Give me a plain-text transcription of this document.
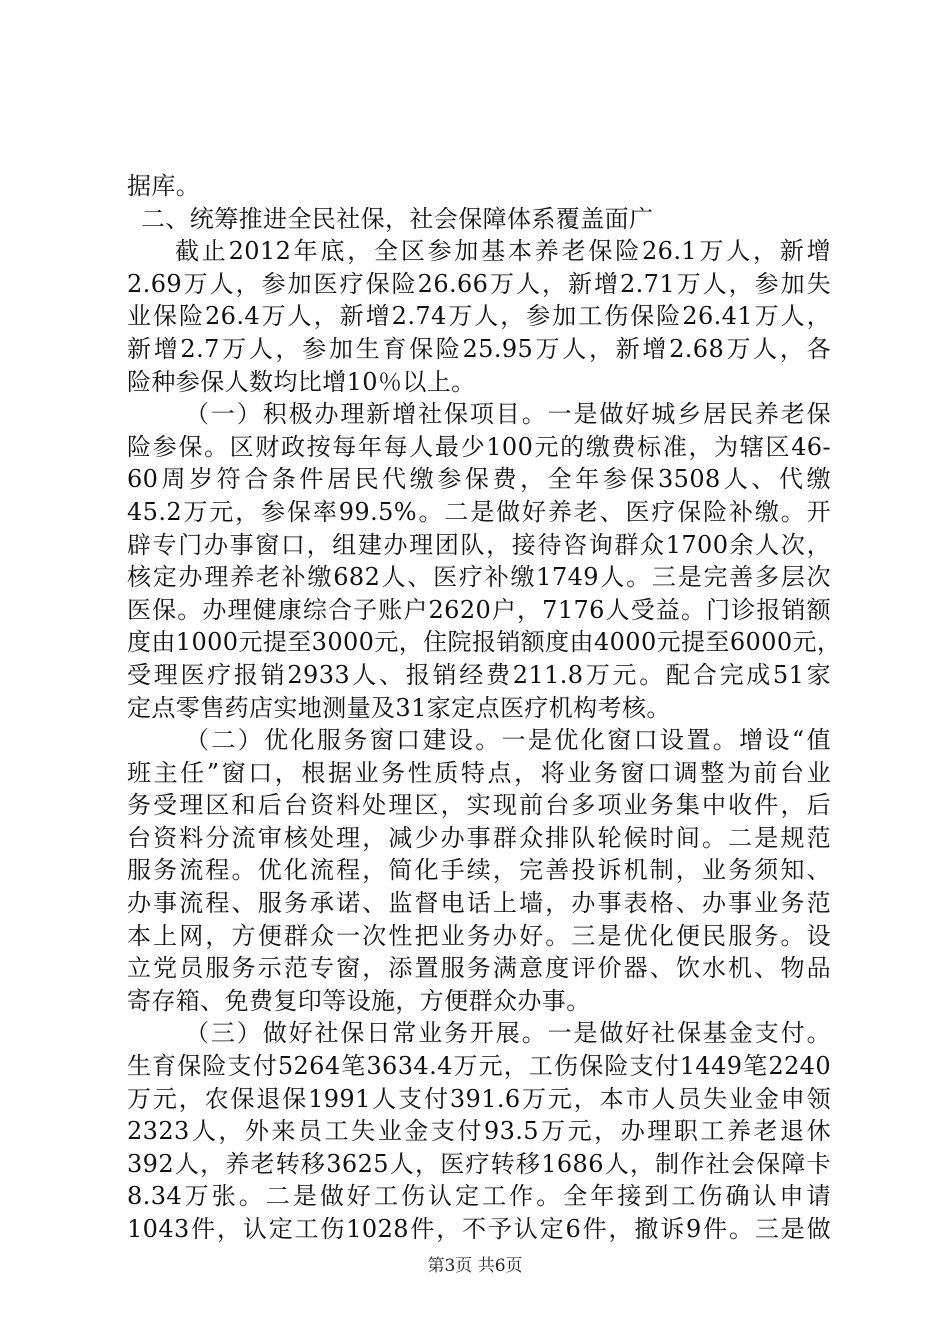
据库。
二、统筹推进全民社保，社会保障体系覆盖面广
截止2012年底，全区参加基本养老保险26.1万人，新增
2.69万人，参加医疗保险26.66万人，新增2.71万人，参加失
业保险26.4万人，新增2.74万人，参加工伤保险26.41万人，
新增2.7万人，参加生育保险25.95万人，新增2.68万人，各
险种参保人数均比增10％以上。
（一）积极办理新增社保项目。一是做好城乡居民养老保
险参保。区财政按每年每人最少100元的缴费标准，为辖区46-
60周岁符合条件居民代缴参保费，全年参保3508人、代缴
45.2万元，参保率99.5%。二是做好养老、医疗保险补缴。开
辟专门办事窗口，组建办理团队，接待咨询群众1700余人次，
核定办理养老补缴682人、医疗补缴1749人。三是完善多层次
医保。办理健康综合子账户2620户，7176人受益。门诊报销额
度由1000元提至3000元，住院报销额度由4000元提至6000元，
受理医疗报销2933人、报销经费211.8万元。配合完成51家
定点零售药店实地测量及31家定点医疗机构考核。
（二）优化服务窗口建设。一是优化窗口设置。增设“值
班主任”窗口，根据业务性质特点，将业务窗口调整为前台业
务受理区和后台资料处理区，实现前台多项业务集中收件，后
台资料分流审核处理，减少办事群众排队轮候时间。二是规范
服务流程。优化流程，简化手续，完善投诉机制，业务须知、
办事流程、服务承诺、监督电话上墙，办事表格、办事业务范
本上网，方便群众一次性把业务办好。三是优化便民服务。设
立党员服务示范专窗，添置服务满意度评价器、饮水机、物品
寄存箱、免费复印等设施，方便群众办事。
（三）做好社保日常业务开展。一是做好社保基金支付。
生育保险支付5264笔3634.4万元，工伤保险支付1449笔2240
万元，农保退保1991人支付391.6万元，本市人员失业金申领
2323人，外来员工失业金支付93.5万元，办理职工养老退休
392人，养老转移3625人，医疗转移1686人，制作社会保障卡
8.34万张。二是做好工伤认定工作。全年接到工伤确认申请
1043件，认定工伤1028件，不予认定6件，撤诉9件。三是做
第3页 共6页
